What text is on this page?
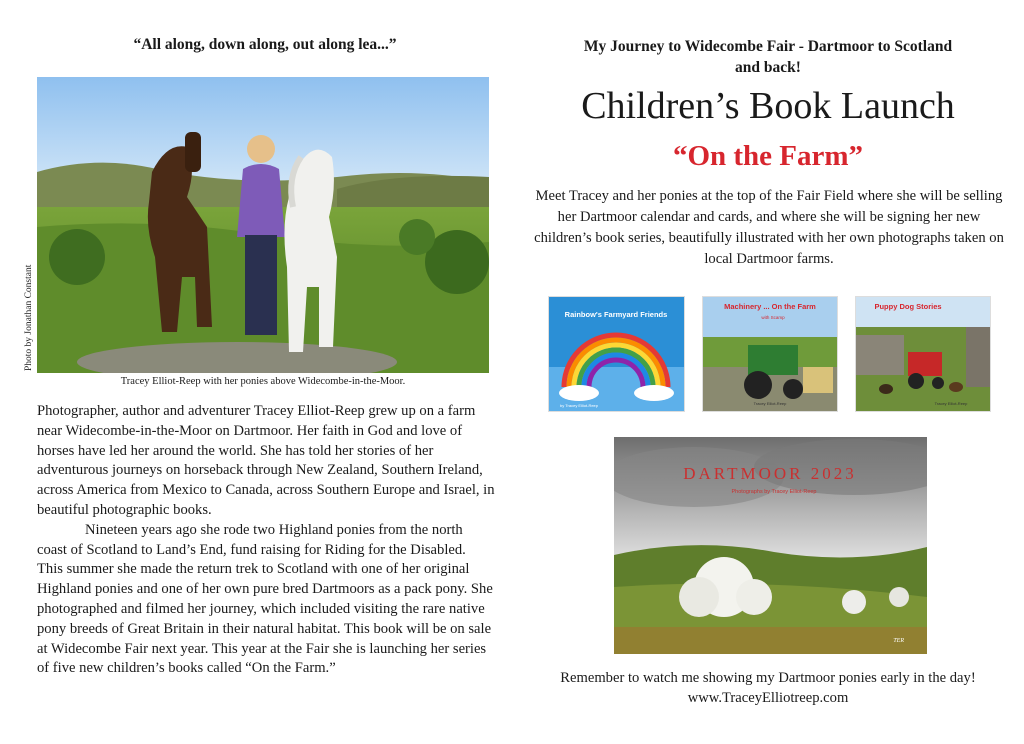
“All along, down along, out along lea...”
Photo by Jonathan Constant
Tracey Elliot-Reep with her ponies above Widecombe-in-the-Moor.

Photographer, author and adventurer Tracey Elliot-Reep grew up on a farm near Widecombe-in-the-Moor on Dartmoor. Her faith in God and love of horses have led her around the world. She has told her stories of her adventurous journeys on horseback through New Zealand, Southern Ireland, across America from Mexico to Canada, across Southern Europe and Israel, in beautiful photographic books.

Nineteen years ago she rode two Highland ponies from the north coast of Scotland to Land’s End, fund raising for Riding for the Disabled. This summer she made the return trek to Scotland with one of her original Highland ponies and one of her own pure bred Dartmoors as a pack pony. She photographed and filmed her journey, which included visiting the rare native pony breeds of Great Britain in their natural habitat. This book will be on sale at Widecombe Fair next year. This year at the Fair she is launching her series of five new children’s books called “On the Farm.”

My Journey to Widecombe Fair - Dartmoor to Scotland
and back!
Children’s Book Launch
“On the Farm”
Meet Tracey and her ponies at the top of the Fair Field where she will be selling her Dartmoor calendar and cards, and where she will be signing her new children’s book series, beautifully illustrated with her own photographs taken on local Dartmoor farms.
Rainbow's Farmyard Friends
by Tracey Elliot-Reep
Machinery ... On the Farm
with Scamp
Tracey Elliot-Reep
Puppy Dog Stories
Tracey Elliot-Reep
DARTMOOR 2023
Photographs by Tracey Elliot-Reep
TER
Remember to watch me showing my Dartmoor ponies early in the day!
www.TraceyElliotreep.com
